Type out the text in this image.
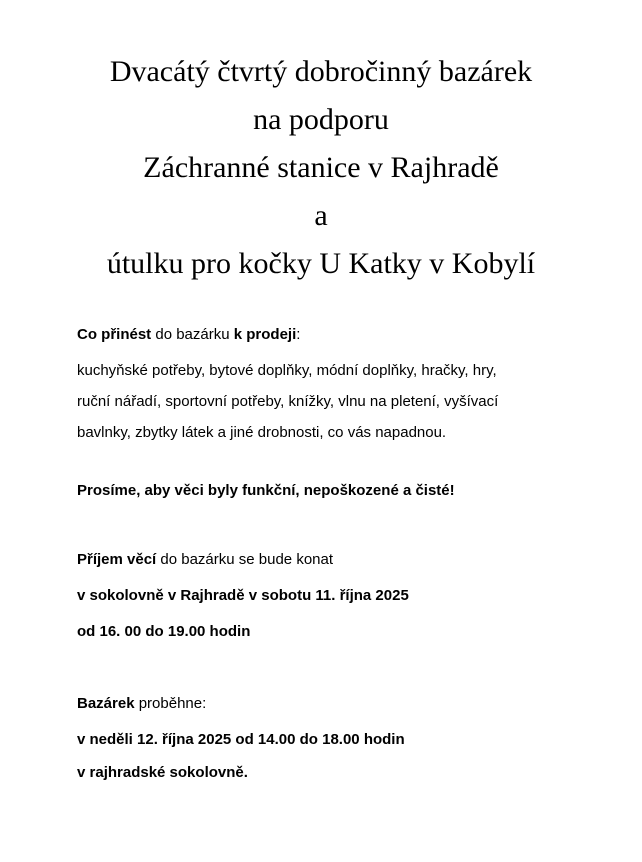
Dvacátý čtvrtý dobročinný bazárek
na podporu
Záchranné stanice v Rajhradě
a
útulku pro kočky U Katky v Kobylí

Co přinést do bazárku k prodeji:

kuchyňské potřeby, bytové doplňky, módní doplňky, hračky, hry,
ruční nářadí, sportovní potřeby, knížky, vlnu na pletení, vyšívací
bavlnky, zbytky látek a jiné drobnosti, co vás napadnou.

Prosíme, aby věci byly funkční, nepoškozené a čisté!

Příjem věcí do bazárku se bude konat

v sokolovně v Rajhradě v sobotu 11. října 2025

od 16. 00 do 19.00 hodin

Bazárek proběhne:

v neděli 12. října 2025 od 14.00 do 18.00 hodin

v rajhradské sokolovně.
